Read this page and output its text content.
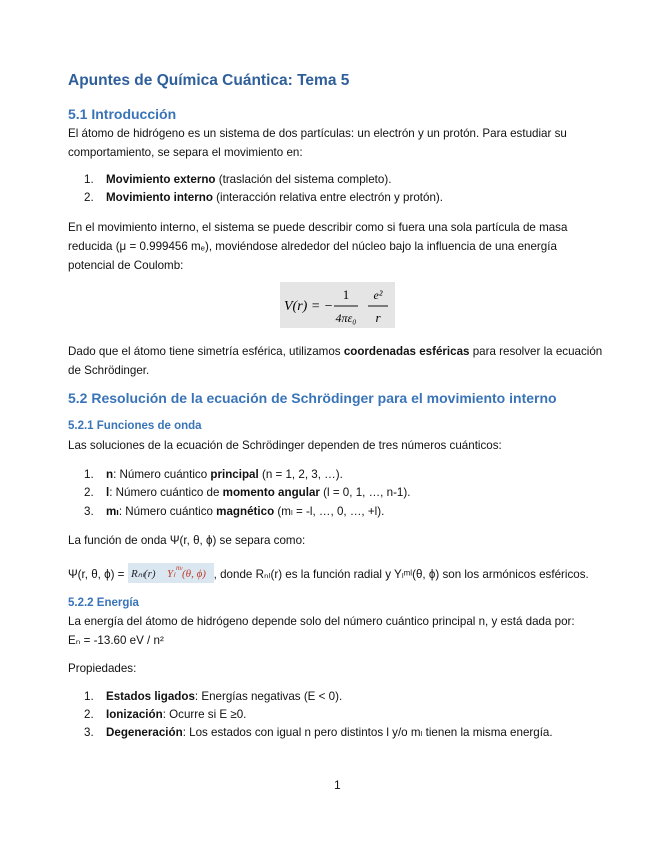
Apuntes de Química Cuántica: Tema 5
5.1 Introducción
El átomo de hidrógeno es un sistema de dos partículas: un electrón y un protón. Para estudiar su
comportamiento, se separa el movimiento en:
1. Movimiento externo (traslación del sistema completo).
2. Movimiento interno (interacción relativa entre electrón y protón).
En el movimiento interno, el sistema se puede describir como si fuera una sola partícula de masa
reducida (μ = 0.999456 mₑ), moviéndose alrededor del núcleo bajo la influencia de una energía
potencial de Coulomb:
V(r) = −
1
4πε₀
e²
r
Dado que el átomo tiene simetría esférica, utilizamos coordenadas esféricas para resolver la ecuación
de Schrödinger.
5.2 Resolución de la ecuación de Schrödinger para el movimiento interno
5.2.1 Funciones de onda
Las soluciones de la ecuación de Schrödinger dependen de tres números cuánticos:
1. n: Número cuántico principal (n = 1, 2, 3, …).
2. l: Número cuántico de momento angular (l = 0, 1, …, n-1).
3. mₗ: Número cuántico magnético (mₗ = -l, …, 0, …, +l).
La función de onda Ψ(r, θ, ϕ) se separa como:
Ψ(r, θ, ϕ) = Rₙₗ(r) Yₗ mₗ (θ, ϕ) , donde Rₙₗ(r) es la función radial y Yₗᵐˡ(θ, ϕ) son los armónicos esféricos.
5.2.2 Energía
La energía del átomo de hidrógeno depende solo del número cuántico principal n, y está dada por:
Eₙ = -13.60 eV / n²
Propiedades:
1. Estados ligados: Energías negativas (E < 0).
2. Ionización: Ocurre si E ≥0.
3. Degeneración: Los estados con igual n pero distintos l y/o mₗ tienen la misma energía.
1
